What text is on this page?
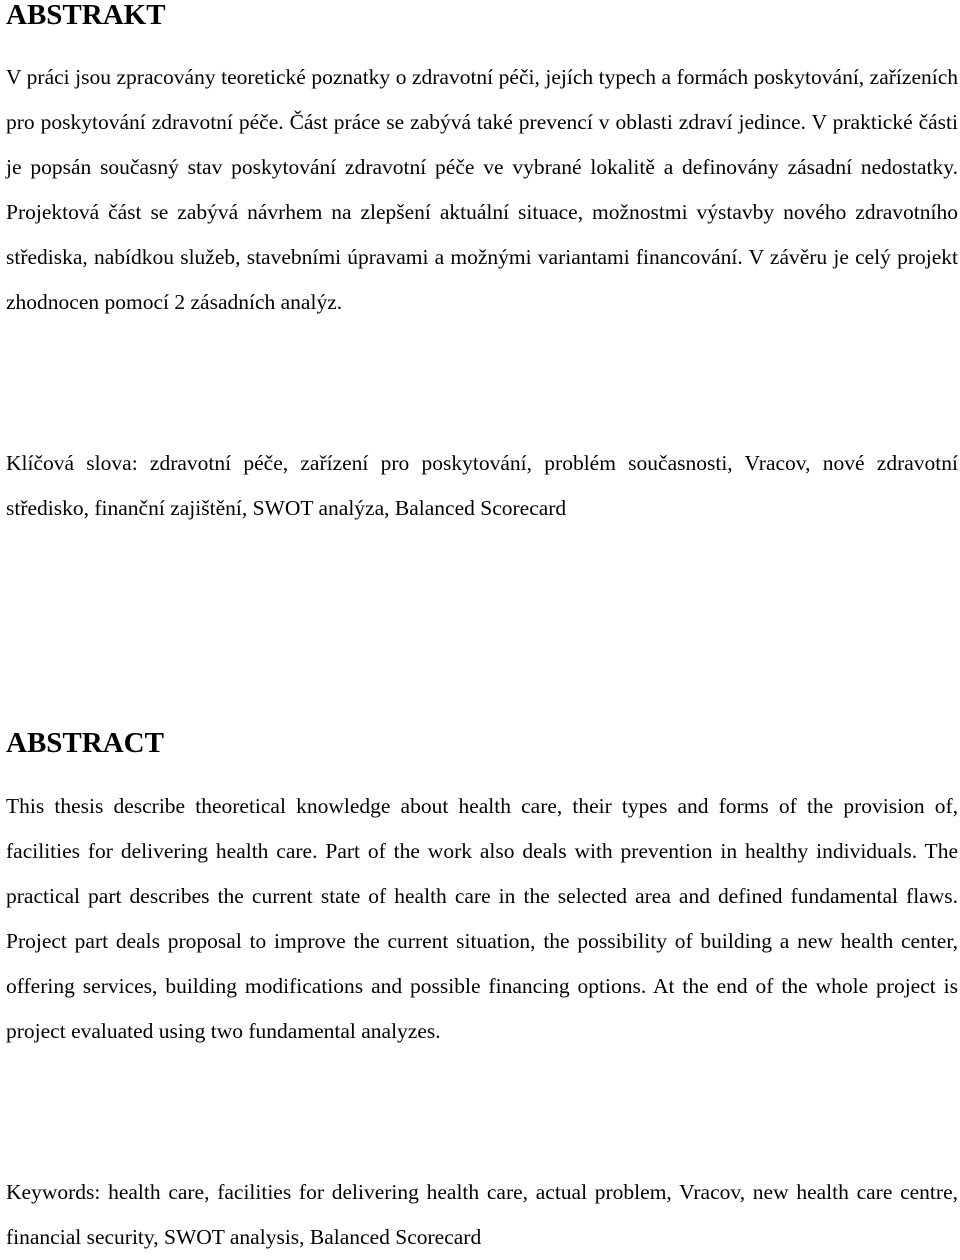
ABSTRAKT

V práci jsou zpracovány teoretické poznatky o zdravotní péči, jejích typech a formách poskytování, zařízeních pro poskytování zdravotní péče. Část práce se zabývá také prevencí v oblasti zdraví jedince. V praktické části je popsán současný stav poskytování zdravotní péče ve vybrané lokalitě a definovány zásadní nedostatky. Projektová část se zabývá návrhem na zlepšení aktuální situace, možnostmi výstavby nového zdravotního střediska, nabídkou služeb, stavebními úpravami a možnými variantami financování. V závěru je celý projekt zhodnocen pomocí 2 zásadních analýz.

Klíčová slova: zdravotní péče, zařízení pro poskytování, problém současnosti, Vracov, nové zdravotní středisko, finanční zajištění, SWOT analýza, Balanced Scorecard

ABSTRACT

This thesis describe theoretical knowledge about health care, their types and forms of the provision of, facilities for delivering health care. Part of the work also deals with prevention in healthy individuals. The practical part describes the current state of health care in the selected area and defined fundamental flaws. Project part deals proposal to improve the current situation, the possibility of building a new health center, offering services, building modifications and possible financing options. At the end of the whole project is project evaluated using two fundamental analyzes.

Keywords: health care, facilities for delivering health care, actual problem, Vracov, new health care centre, financial security, SWOT analysis, Balanced Scorecard
